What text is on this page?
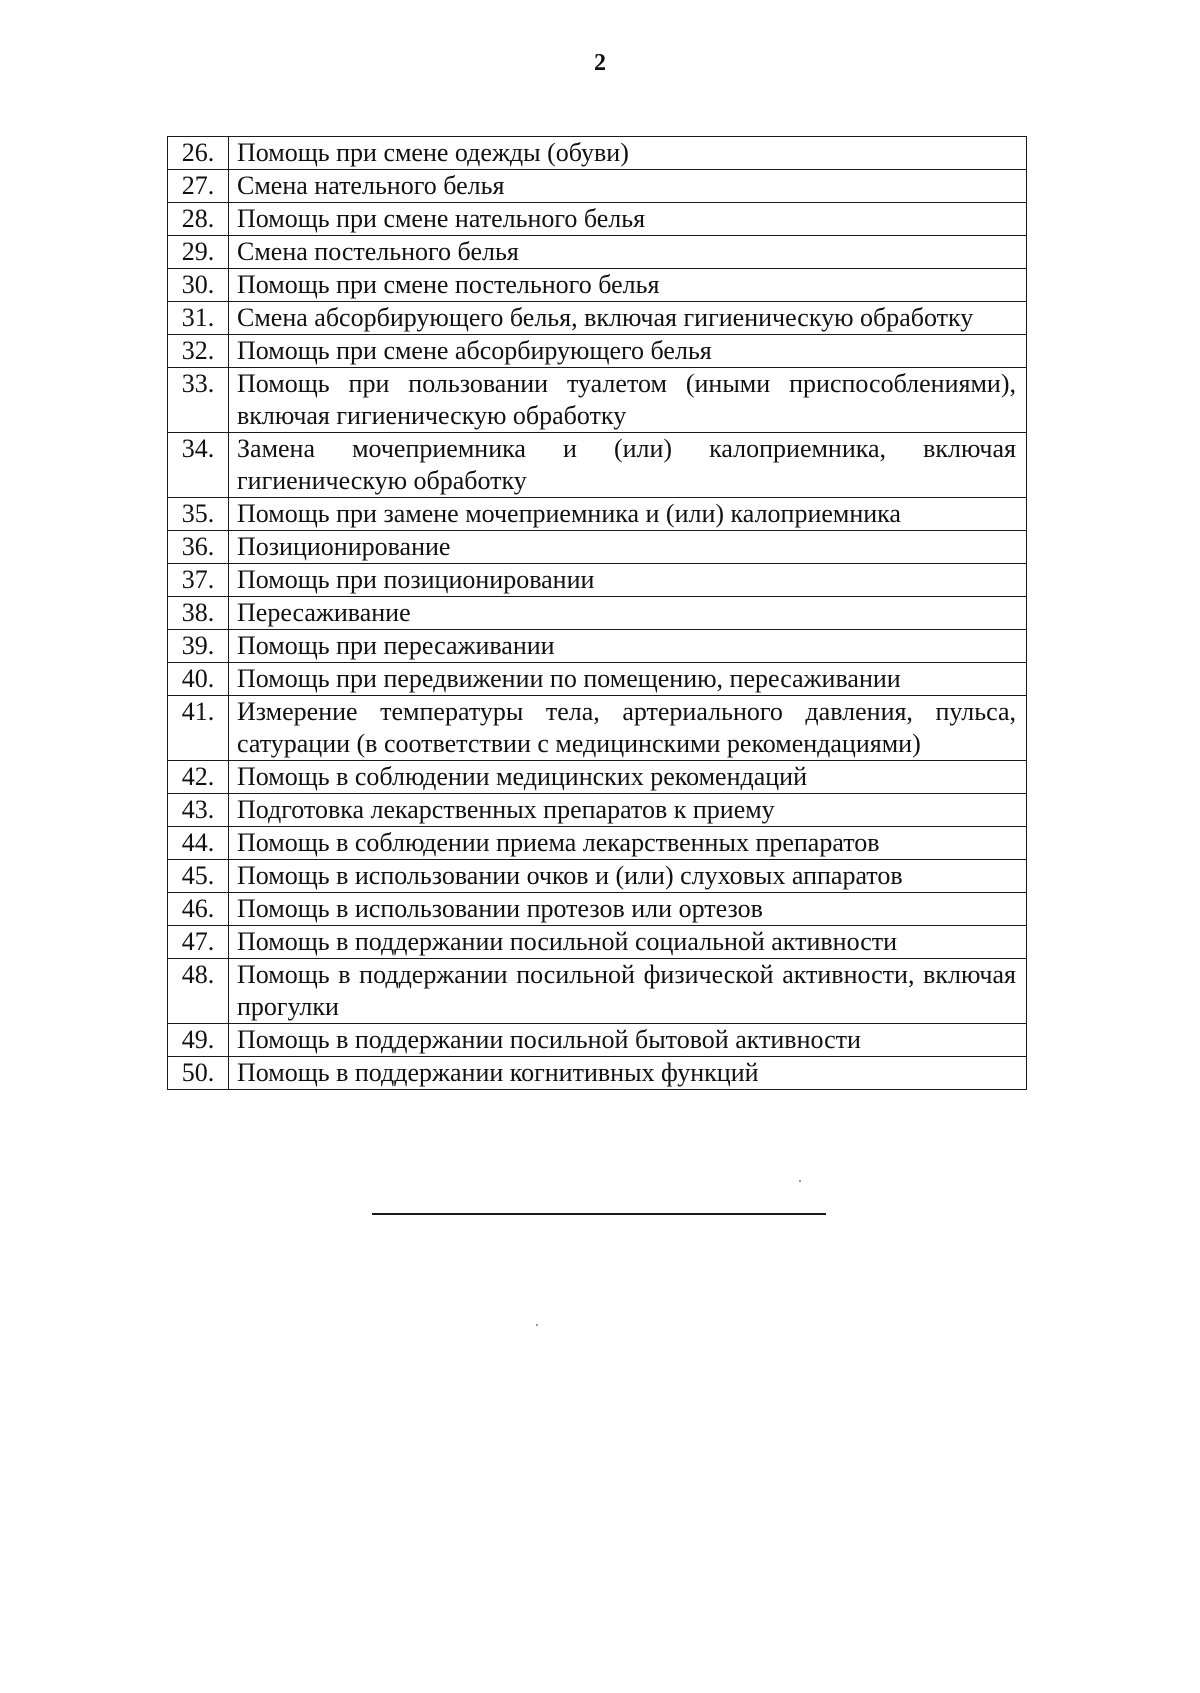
2
26.	Помощь при смене одежды (обуви)
27.	Смена нательного белья
28.	Помощь при смене нательного белья
29.	Смена постельного белья
30.	Помощь при смене постельного белья
31.	Смена абсорбирующего белья, включая гигиеническую обработку
32.	Помощь при смене абсорбирующего белья
33.	Помощь при пользовании туалетом (иными приспособлениями), включая гигиеническую обработку
34.	Замена мочеприемника и (или) калоприемника, включая гигиеническую обработку
35.	Помощь при замене мочеприемника и (или) калоприемника
36.	Позиционирование
37.	Помощь при позиционировании
38.	Пересаживание
39.	Помощь при пересаживании
40.	Помощь при передвижении по помещению, пересаживании
41.	Измерение температуры тела, артериального давления, пульса, сатурации (в соответствии с медицинскими рекомендациями)
42.	Помощь в соблюдении медицинских рекомендаций
43.	Подготовка лекарственных препаратов к приему
44.	Помощь в соблюдении приема лекарственных препаратов
45.	Помощь в использовании очков и (или) слуховых аппаратов
46.	Помощь в использовании протезов или ортезов
47.	Помощь в поддержании посильной социальной активности
48.	Помощь в поддержании посильной физической активности, включая прогулки
49.	Помощь в поддержании посильной бытовой активности
50.	Помощь в поддержании когнитивных функций
